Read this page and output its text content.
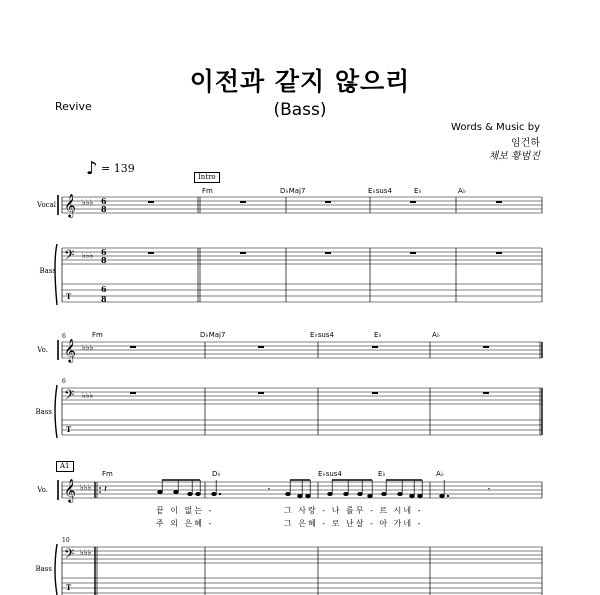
이전과 같지 않으리
(Bass)
Revive
Words & Music by
임건하
채보 황범진
♪ = 139
𝄞
𝄢
T
♭♭♭
♭♭♭
6
8
6
8
6
8
𝄞
𝄢
T
♭♭♭
♭♭♭
𝄞
𝄢
T
♭♭♭
♭♭♭
𝄽	𝄾	𝄾
Intro
Vocal
Bass
Fm	D♭Maj7	E♭sus4	E♭	A♭
6
6
Vo.
Bass
Fm	D♭Maj7	E♭sus4	E♭	A♭
A1
Vo.
Bass
10
Fm	D♭	E♭sus4	E♭	A♭
끝 이 없는 -	그 사랑 - 나 를무 - 르 시네 -
주 의 은혜 -	그 은혜 - 로 난살 - 아 가네 -
